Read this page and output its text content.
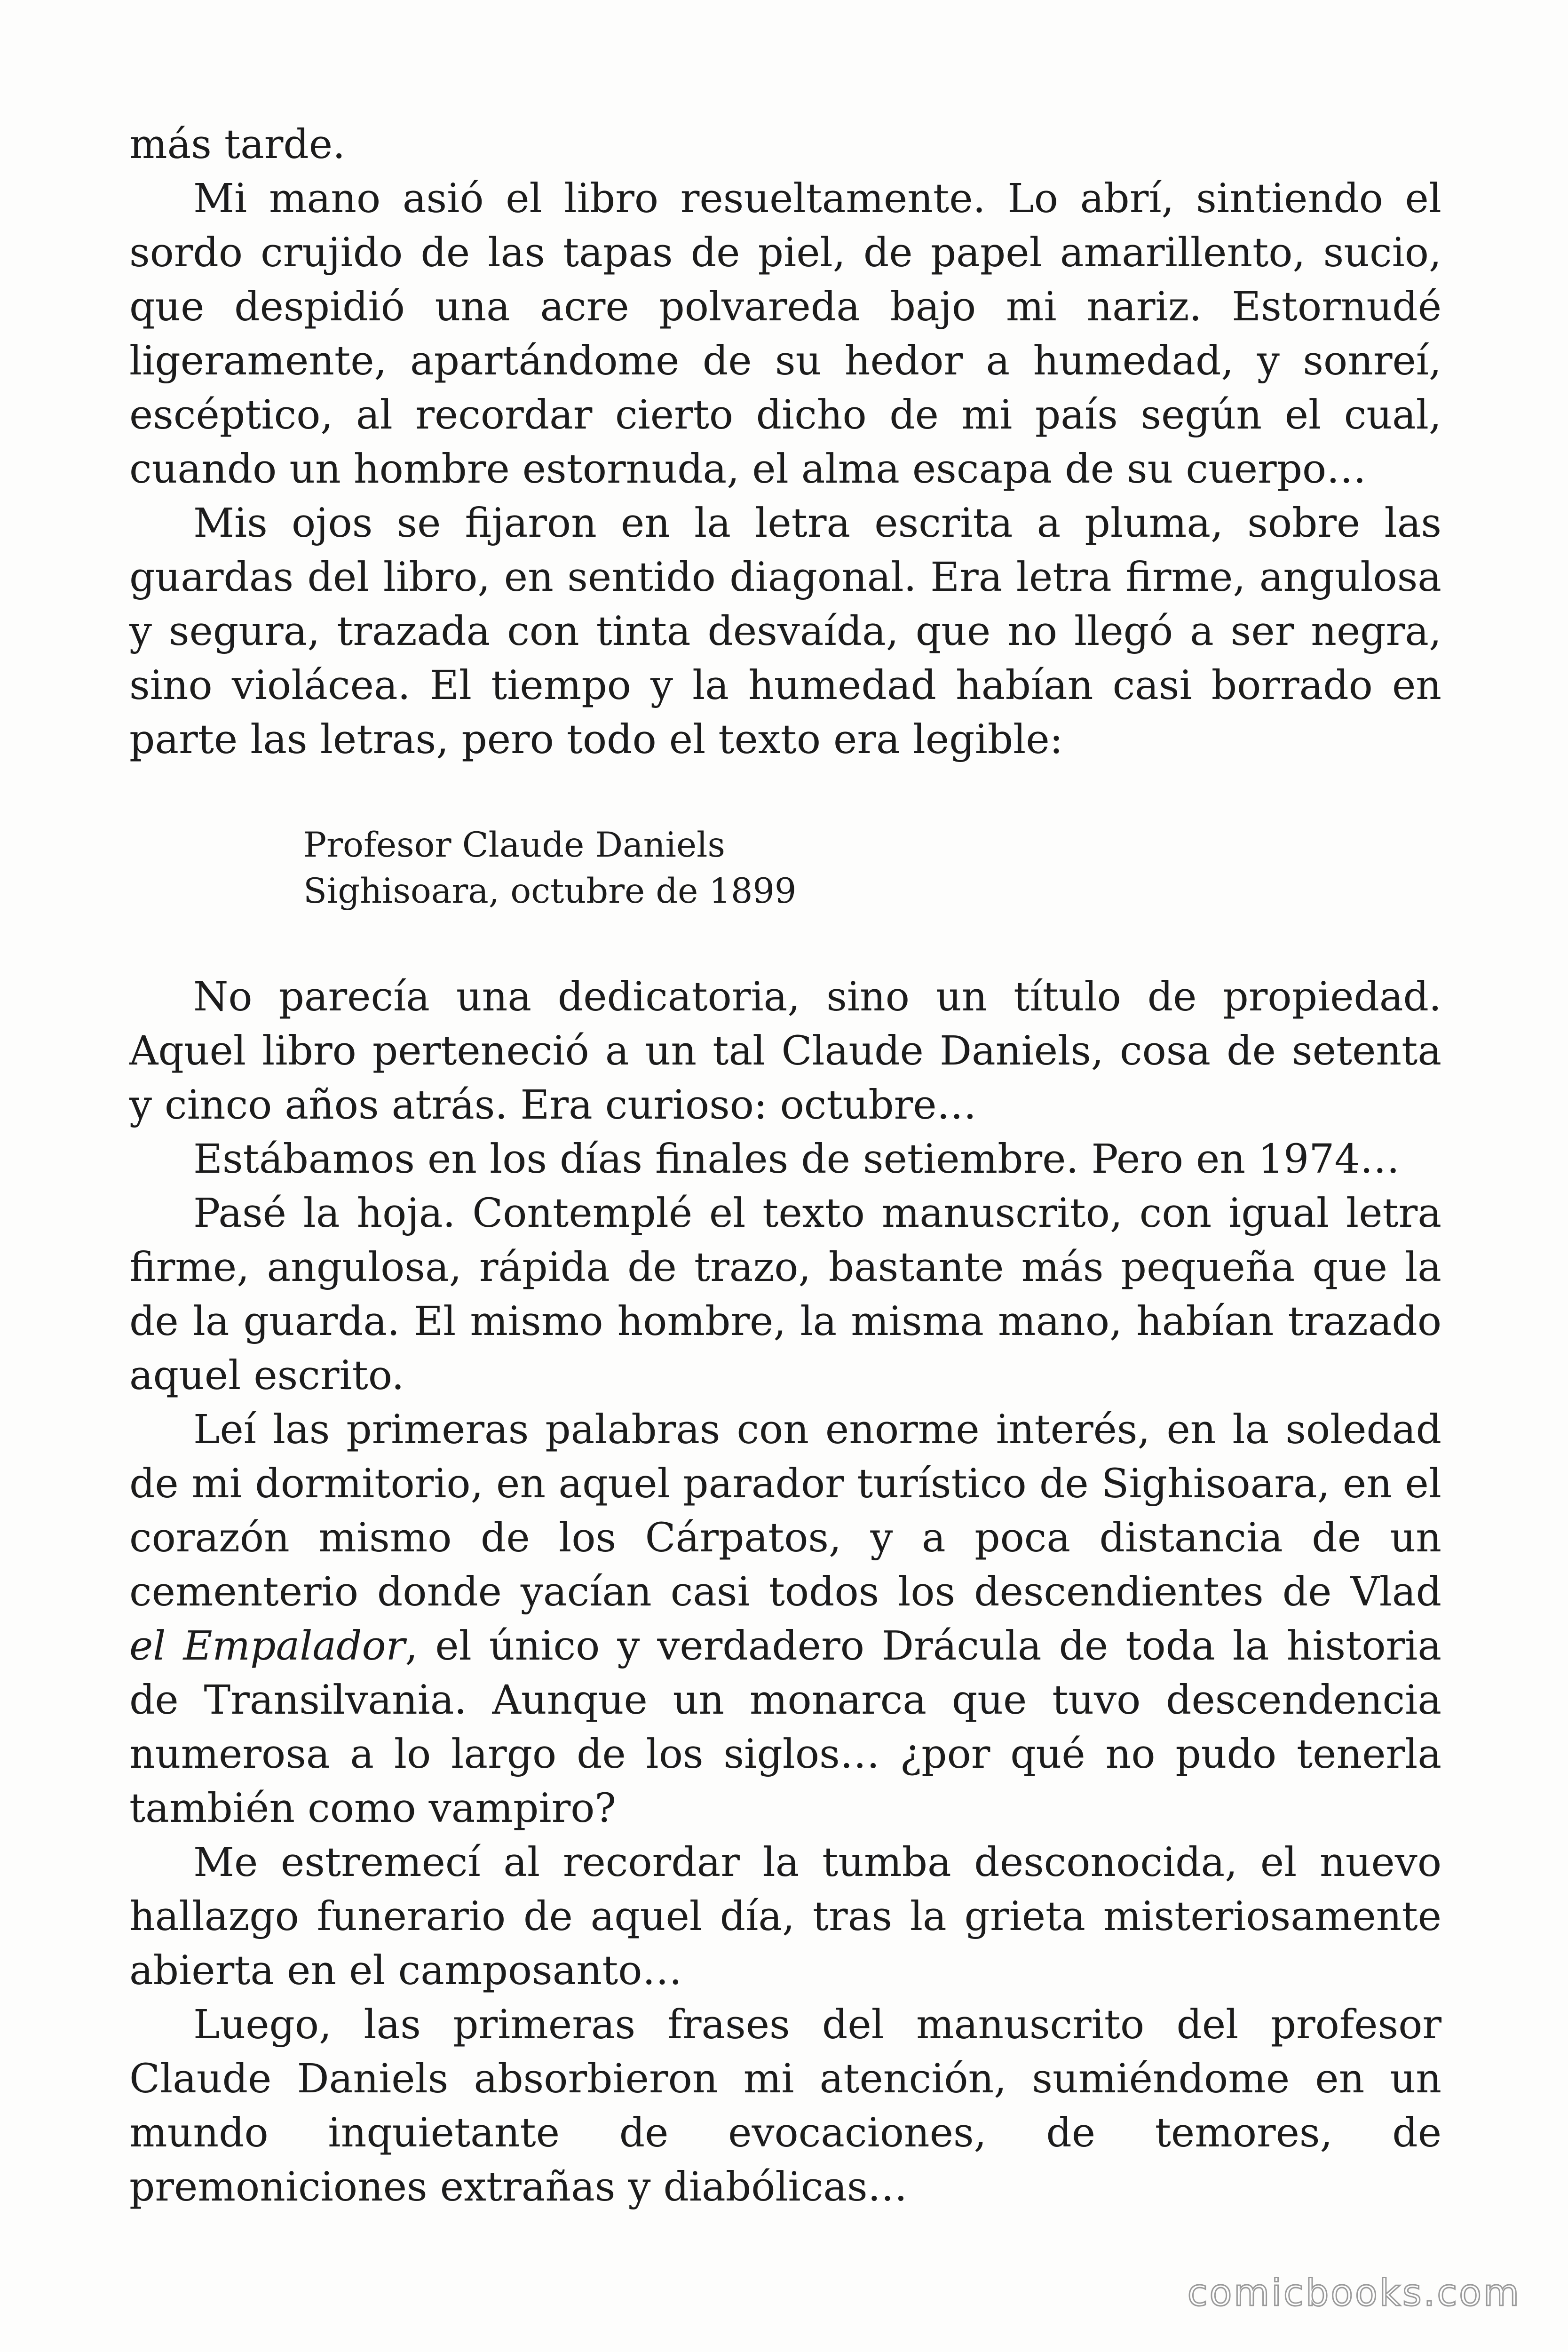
más tarde.

Mi mano asió el libro resueltamente. Lo abrí, sintiendo el sordo crujido de las tapas de piel, de papel amarillento, sucio, que despidió una acre polvareda bajo mi nariz. Estornudé ligeramente, apartándome de su hedor a humedad, y sonreí, escéptico, al recordar cierto dicho de mi país según el cual, cuando un hombre estornuda, el alma escapa de su cuerpo…

Mis ojos se fijaron en la letra escrita a pluma, sobre las guardas del libro, en sentido diagonal. Era letra firme, angulosa y segura, trazada con tinta desvaída, que no llegó a ser negra, sino violácea. El tiempo y la humedad habían casi borrado en parte las letras, pero todo el texto era legible:

Profesor Claude Daniels
Sighisoara, octubre de 1899

No parecía una dedicatoria, sino un título de propiedad. Aquel libro perteneció a un tal Claude Daniels, cosa de setenta y cinco años atrás. Era curioso: octubre…

Estábamos en los días finales de setiembre. Pero en 1974…

Pasé la hoja. Contemplé el texto manuscrito, con igual letra firme, angulosa, rápida de trazo, bastante más pequeña que la de la guarda. El mismo hombre, la misma mano, habían trazado aquel escrito.

Leí las primeras palabras con enorme interés, en la soledad de mi dormitorio, en aquel parador turístico de Sighisoara, en el corazón mismo de los Cárpatos, y a poca distancia de un cementerio donde yacían casi todos los descendientes de Vlad el Empalador, el único y verdadero Drácula de toda la historia de Transilvania. Aunque un monarca que tuvo descendencia numerosa a lo largo de los siglos… ¿por qué no pudo tenerla también como vampiro?

Me estremecí al recordar la tumba desconocida, el nuevo hallazgo funerario de aquel día, tras la grieta misteriosamente abierta en el camposanto…

Luego, las primeras frases del manuscrito del profesor Claude Daniels absorbieron mi atención, sumiéndome en un mundo inquietante de evocaciones, de temores, de premoniciones extrañas y diabólicas…

comicbooks.com
